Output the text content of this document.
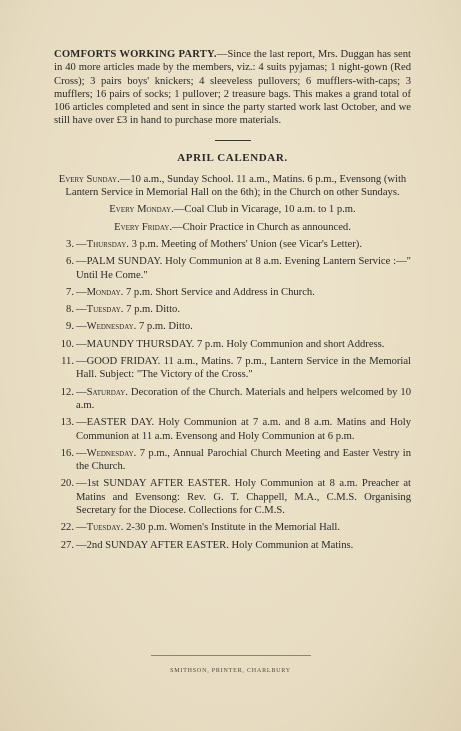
COMFORTS WORKING PARTY.—Since the last report, Mrs. Duggan has sent in 40 more articles made by the members, viz.: 4 suits pyjamas; 1 night-gown (Red Cross); 3 pairs boys' knickers; 4 sleeveless pullovers; 6 mufflers-with-caps; 3 mufflers; 16 pairs of socks; 1 pullover; 2 treasure bags. This makes a grand total of 106 articles completed and sent in since the party started work last October, and we still have over £3 in hand to purchase more materials.

APRIL CALENDAR.

Every Sunday.—10 a.m., Sunday School. 11 a.m., Matins. 6 p.m., Evensong (with Lantern Service in Memorial Hall on the 6th); in the Church on other Sundays.

Every Monday.—Coal Club in Vicarage, 10 a.m. to 1 p.m.

Every Friday.—Choir Practice in Church as announced.

3. —Thursday. 3 p.m. Meeting of Mothers' Union (see Vicar's Letter).
6. —PALM SUNDAY. Holy Communion at 8 a.m. Evening Lantern Service :—" Until He Come."
7. —Monday. 7 p.m. Short Service and Address in Church.
8. —Tuesday. 7 p.m. Ditto.
9. —Wednesday. 7 p.m. Ditto.
10. —MAUNDY THURSDAY. 7 p.m. Holy Communion and short Address.
11. —GOOD FRIDAY. 11 a.m., Matins. 7 p.m., Lantern Service in the Memorial Hall. Subject: "The Victory of the Cross."
12. —Saturday. Decoration of the Church. Materials and helpers welcomed by 10 a.m.
13. —EASTER DAY. Holy Communion at 7 a.m. and 8 a.m. Matins and Holy Communion at 11 a.m. Evensong and Holy Communion at 6 p.m.
16. —Wednesday. 7 p.m., Annual Parochial Church Meeting and Easter Vestry in the Church.
20. —1st SUNDAY AFTER EASTER. Holy Communion at 8 a.m. Preacher at Matins and Evensong: Rev. G. T. Chappell, M.A., C.M.S. Organising Secretary for the Diocese. Collections for C.M.S.
22. —Tuesday. 2-30 p.m. Women's Institute in the Memorial Hall.
27. —2nd SUNDAY AFTER EASTER. Holy Communion at Matins.
SMITHSON, PRINTER, CHARLBURY
